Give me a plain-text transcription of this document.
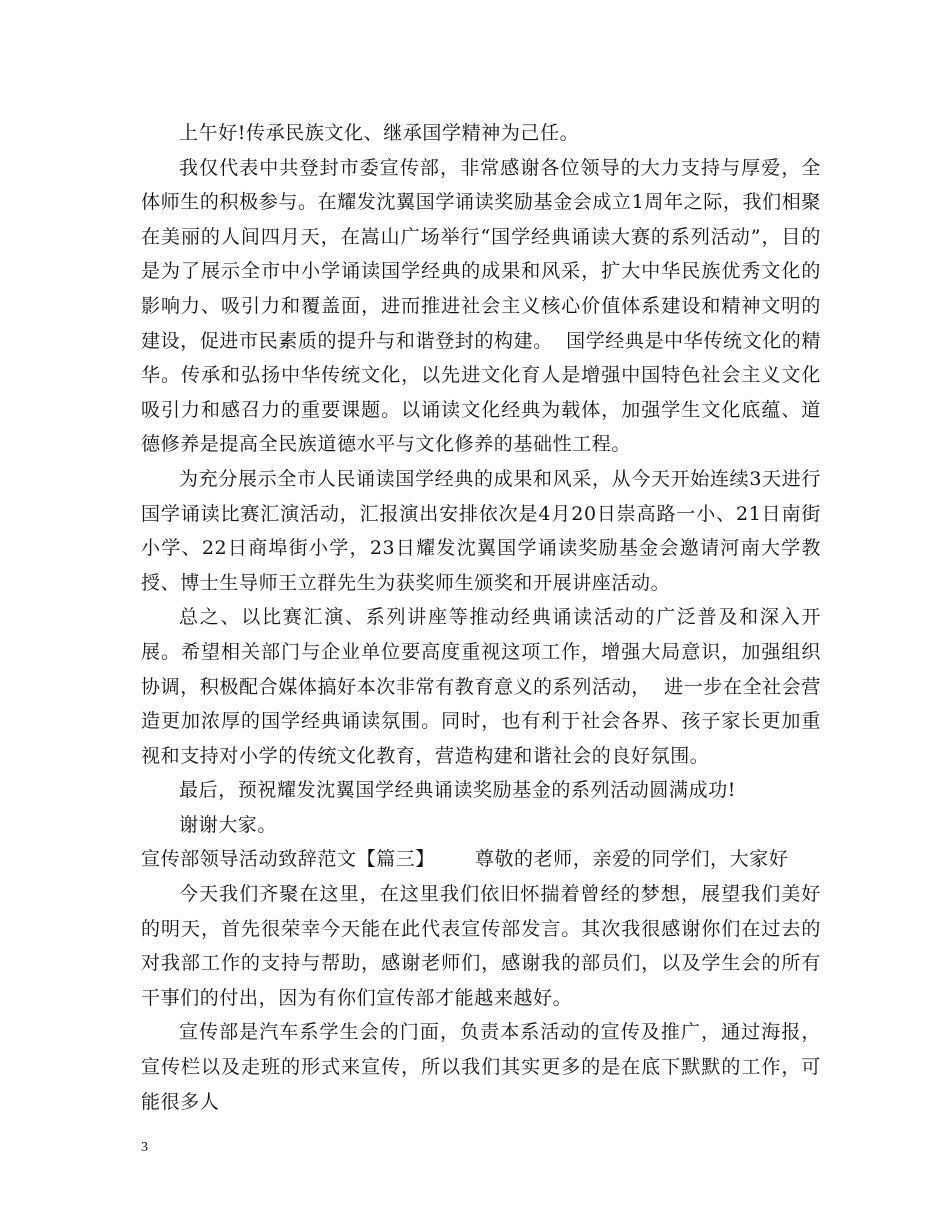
上午好!传承民族文化、继承国学精神为己任。

我仅代表中共登封市委宣传部，非常感谢各位领导的大力支持与厚爱，全体师生的积极参与。在耀发沈翼国学诵读奖励基金会成立1周年之际，我们相聚在美丽的人间四月天，在嵩山广场举行“国学经典诵读大赛的系列活动”，目的是为了展示全市中小学诵读国学经典的成果和风采，扩大中华民族优秀文化的影响力、吸引力和覆盖面，进而推进社会主义核心价值体系建设和精神文明的建设，促进市民素质的提升与和谐登封的构建。  国学经典是中华传统文化的精华。传承和弘扬中华传统文化，以先进文化育人是增强中国特色社会主义文化吸引力和感召力的重要课题。以诵读文化经典为载体，加强学生文化底蕴、道德修养是提高全民族道德水平与文化修养的基础性工程。

为充分展示全市人民诵读国学经典的成果和风采，从今天开始连续3天进行国学诵读比赛汇演活动，汇报演出安排依次是4月20日崇高路一小、21日南街小学、22日商埠街小学，23日耀发沈翼国学诵读奖励基金会邀请河南大学教授、博士生导师王立群先生为获奖师生颁奖和开展讲座活动。

总之、以比赛汇演、系列讲座等推动经典诵读活动的广泛普及和深入开展。希望相关部门与企业单位要高度重视这项工作，增强大局意识，加强组织协调，积极配合媒体搞好本次非常有教育意义的系列活动，  进一步在全社会营造更加浓厚的国学经典诵读氛围。同时，也有利于社会各界、孩子家长更加重视和支持对小学的传统文化教育，营造构建和谐社会的良好氛围。

最后，预祝耀发沈翼国学经典诵读奖励基金的系列活动圆满成功!

谢谢大家。

宣传部领导活动致辞范文【篇三】      尊敬的老师，亲爱的同学们，大家好

今天我们齐聚在这里，在这里我们依旧怀揣着曾经的梦想，展望我们美好的明天，首先很荣幸今天能在此代表宣传部发言。其次我很感谢你们在过去的对我部工作的支持与帮助，感谢老师们，感谢我的部员们，以及学生会的所有干事们的付出，因为有你们宣传部才能越来越好。

宣传部是汽车系学生会的门面，负责本系活动的宣传及推广，通过海报，宣传栏以及走班的形式来宣传，所以我们其实更多的是在底下默默的工作，可能很多人

3
